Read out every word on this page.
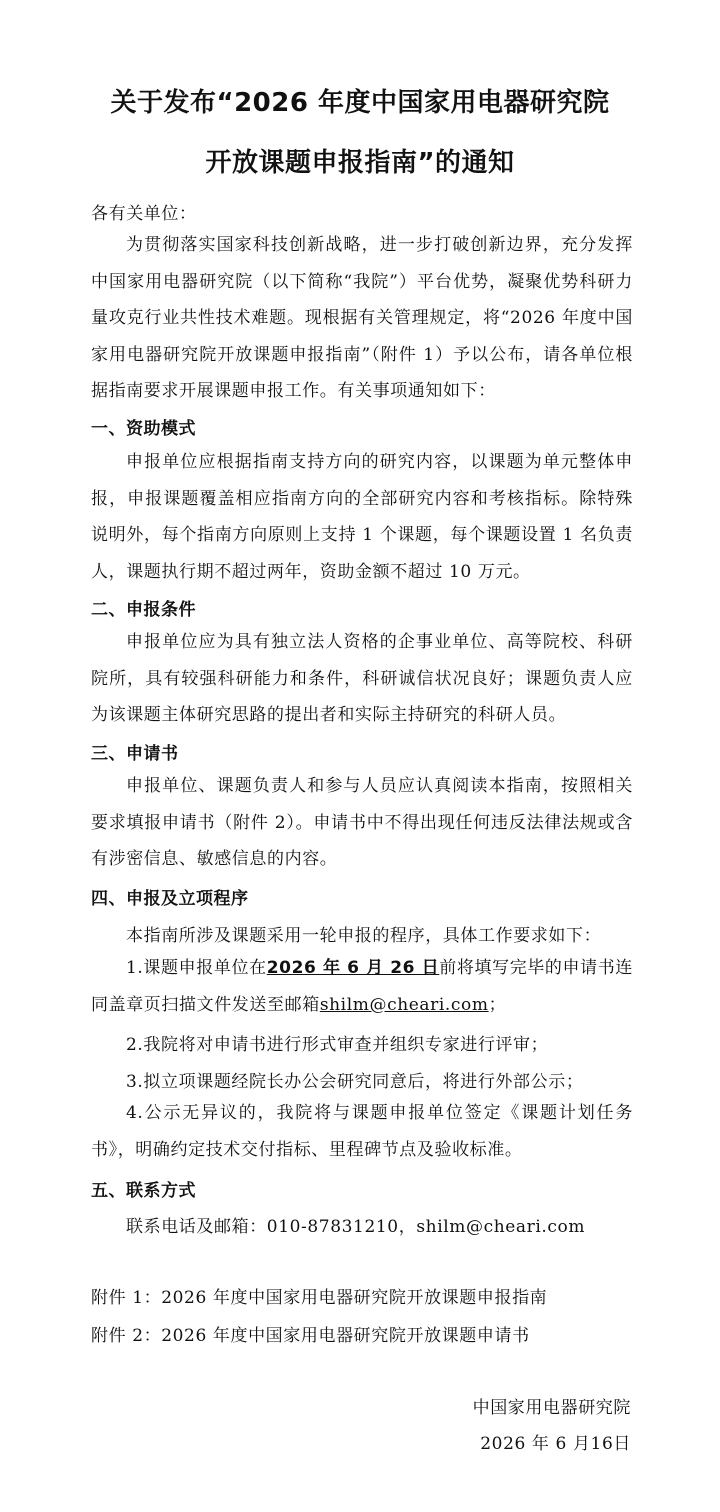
关于发布“2026 年度中国家用电器研究院
开放课题申报指南”的通知
各有关单位：
为贯彻落实国家科技创新战略，进一步打破创新边界，充分发挥中国家用电器研究院（以下简称“我院”）平台优势，凝聚优势科研力量攻克行业共性技术难题。现根据有关管理规定，将“2026 年度中国家用电器研究院开放课题申报指南”（附件 1）予以公布，请各单位根据指南要求开展课题申报工作。有关事项通知如下：
一、资助模式
申报单位应根据指南支持方向的研究内容，以课题为单元整体申报，申报课题覆盖相应指南方向的全部研究内容和考核指标。除特殊说明外，每个指南方向原则上支持 1 个课题，每个课题设置 1 名负责人，课题执行期不超过两年，资助金额不超过 10 万元。
二、申报条件
申报单位应为具有独立法人资格的企事业单位、高等院校、科研院所，具有较强科研能力和条件，科研诚信状况良好；课题负责人应为该课题主体研究思路的提出者和实际主持研究的科研人员。
三、申请书
申报单位、课题负责人和参与人员应认真阅读本指南，按照相关要求填报申请书（附件 2）。申请书中不得出现任何违反法律法规或含有涉密信息、敏感信息的内容。
四、申报及立项程序
本指南所涉及课题采用一轮申报的程序，具体工作要求如下：
1.课题申报单位在2026 年 6 月 26 日前将填写完毕的申请书连同盖章页扫描文件发送至邮箱shilm@cheari.com；
2.我院将对申请书进行形式审查并组织专家进行评审；
3.拟立项课题经院长办公会研究同意后，将进行外部公示；
4.公示无异议的，我院将与课题申报单位签定《课题计划任务书》，明确约定技术交付指标、里程碑节点及验收标准。
五、联系方式
联系电话及邮箱：010-87831210，shilm@cheari.com
附件 1：2026 年度中国家用电器研究院开放课题申报指南
附件 2：2026 年度中国家用电器研究院开放课题申请书
中国家用电器研究院
2026 年 6 月16日
